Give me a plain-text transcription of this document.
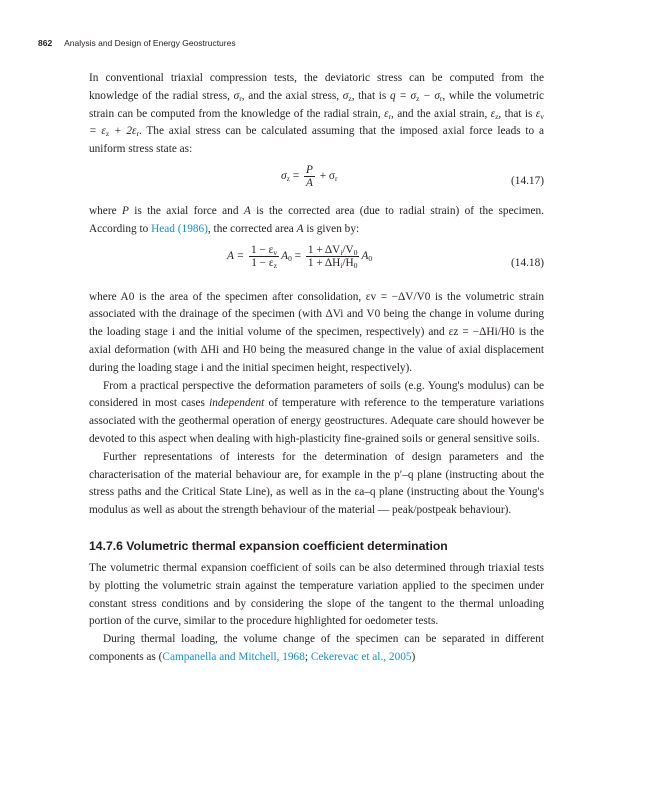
862 Analysis and Design of Energy Geostructures

In conventional triaxial compression tests, the deviatoric stress can be computed from the knowledge of the radial stress, $\sigma_r$, and the axial stress, $\sigma_z$, that is $q = \sigma_z - \sigma_r$, while the volumetric strain can be computed from the knowledge of the radial strain, $\varepsilon_r$, and the axial strain, $\varepsilon_z$, that is $\varepsilon_v = \varepsilon_z + 2\varepsilon_r$. The axial stress can be calculated assuming that the imposed axial force leads to a uniform stress state as:

$\sigma_z = \frac{P}{A} + \sigma_r$	(14.17)

where P is the axial force and A is the corrected area (due to radial strain) of the specimen. According to Head (1986), the corrected area A is given by:

$A = \frac{1 - \varepsilon_v}{1 - \varepsilon_z} A_0 = \frac{1 + \Delta V_i/V_0}{1 + \Delta H_i/H_0} A_0$	(14.18)

where A0 is the area of the specimen after consolidation, εv = −ΔV/V0 is the volumetric strain associated with the drainage of the specimen (with ΔVi and V0 being the change in volume during the loading stage i and the initial volume of the specimen, respectively) and εz = −ΔHi/H0 is the axial deformation (with ΔHi and H0 being the measured change in the value of axial displacement during the loading stage i and the initial specimen height, respectively).

From a practical perspective the deformation parameters of soils (e.g. Young's modulus) can be considered in most cases independent of temperature with reference to the temperature variations associated with the geothermal operation of energy geostructures. Adequate care should however be devoted to this aspect when dealing with high-plasticity fine-grained soils or general sensitive soils.

Further representations of interests for the determination of design parameters and the characterisation of the material behaviour are, for example in the p′–q plane (instructing about the stress paths and the Critical State Line), as well as in the εa–q plane (instructing about the Young's modulus as well as about the strength behaviour of the material — peak/postpeak behaviour).

14.7.6 Volumetric thermal expansion coefficient determination

The volumetric thermal expansion coefficient of soils can be also determined through triaxial tests by plotting the volumetric strain against the temperature variation applied to the specimen under constant stress conditions and by considering the slope of the tangent to the thermal unloading portion of the curve, similar to the procedure highlighted for oedometer tests.

During thermal loading, the volume change of the specimen can be separated in different components as (Campanella and Mitchell, 1968; Cekerevac et al., 2005)
